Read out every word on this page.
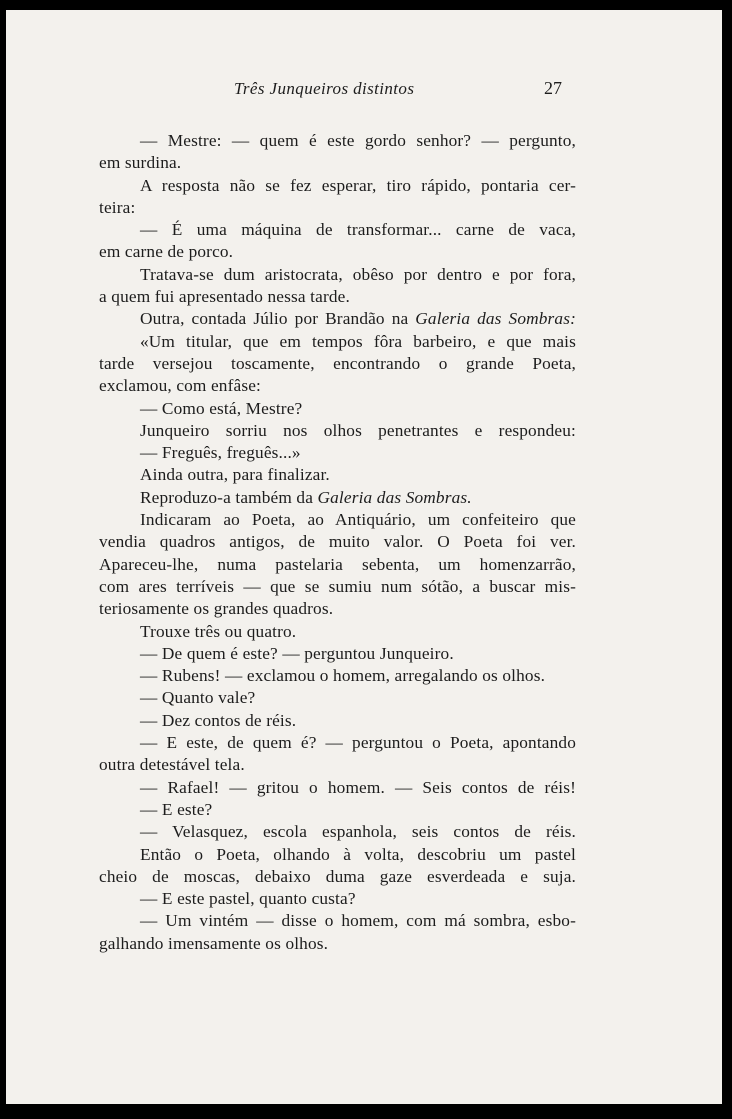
Três Junqueiros distintos	27
— Mestre: — quem é este gordo senhor? — pergunto,
em surdina.
A resposta não se fez esperar, tiro rápido, pontaria cer-
teira:
— É uma máquina de transformar... carne de vaca,
em carne de porco.
Tratava-se dum aristocrata, obêso por dentro e por fora,
a quem fui apresentado nessa tarde.
Outra, contada Júlio por Brandão na Galeria das Sombras:
«Um titular, que em tempos fôra barbeiro, e que mais
tarde versejou toscamente, encontrando o grande Poeta,
exclamou, com enfâse:
— Como está, Mestre?
Junqueiro sorriu nos olhos penetrantes e respondeu:
— Freguês, freguês...»
Ainda outra, para finalizar.
Reproduzo-a também da Galeria das Sombras.
Indicaram ao Poeta, ao Antiquário, um confeiteiro que
vendia quadros antigos, de muito valor. O Poeta foi ver.
Apareceu-lhe, numa pastelaria sebenta, um homenzarrão,
com ares terríveis — que se sumiu num sótão, a buscar mis-
teriosamente os grandes quadros.
Trouxe três ou quatro.
— De quem é este? — perguntou Junqueiro.
— Rubens! — exclamou o homem, arregalando os olhos.
— Quanto vale?
— Dez contos de réis.
— E este, de quem é? — perguntou o Poeta, apontando
outra detestável tela.
— Rafael! — gritou o homem. — Seis contos de réis!
— E este?
— Velasquez, escola espanhola, seis contos de réis.
Então o Poeta, olhando à volta, descobriu um pastel
cheio de moscas, debaixo duma gaze esverdeada e suja.
— E este pastel, quanto custa?
— Um vintém — disse o homem, com má sombra, esbo-
galhando imensamente os olhos.
